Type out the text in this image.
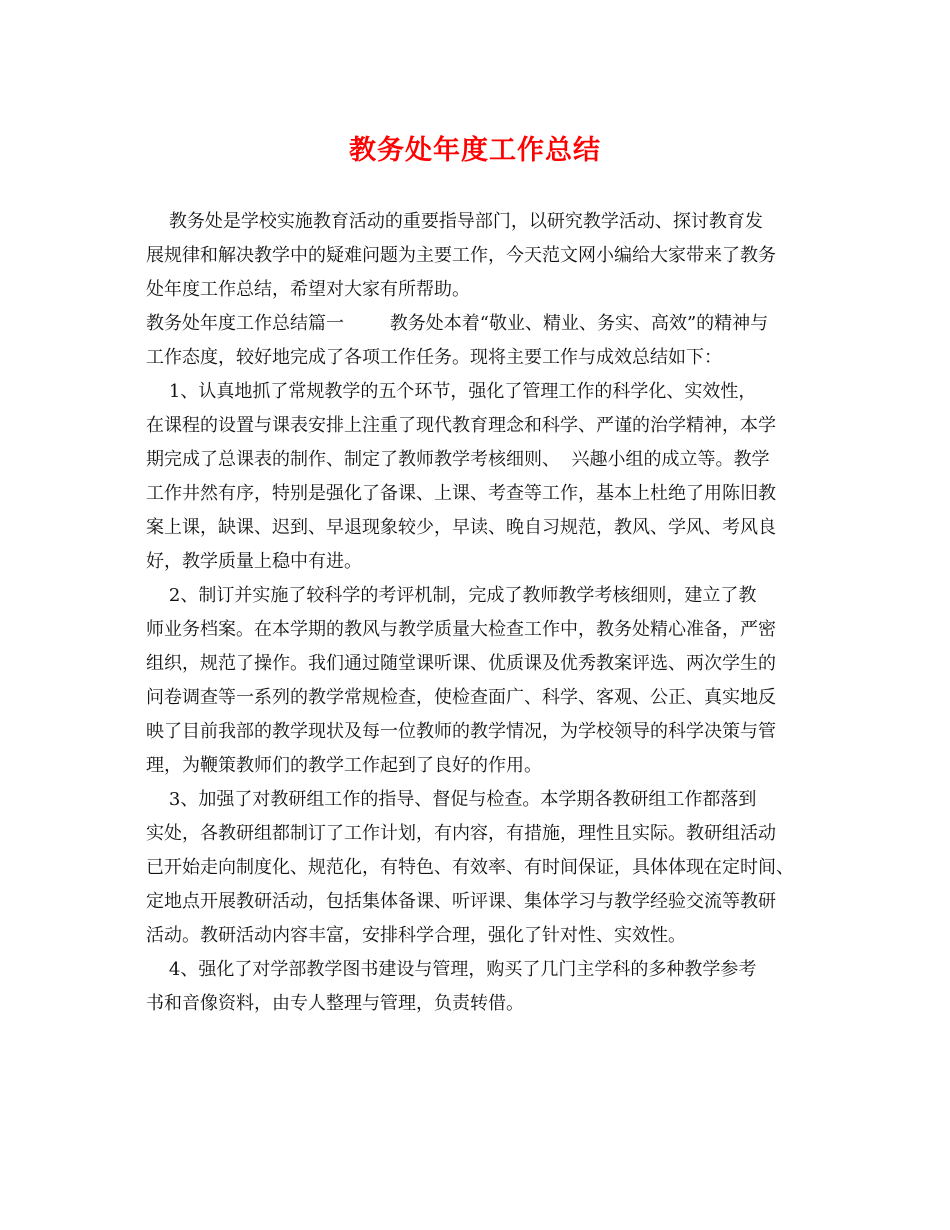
教务处年度工作总结
教务处是学校实施教育活动的重要指导部门，以研究教学活动、探讨教育发
展规律和解决教学中的疑难问题为主要工作，今天范文网小编给大家带来了教务
处年度工作总结，希望对大家有所帮助。
教务处年度工作总结篇一        教务处本着“敬业、精业、务实、高效”的精神与
工作态度，较好地完成了各项工作任务。现将主要工作与成效总结如下：
1、认真地抓了常规教学的五个环节，强化了管理工作的科学化、实效性，
在课程的设置与课表安排上注重了现代教育理念和科学、严谨的治学精神，本学
期完成了总课表的制作、制定了教师教学考核细则、  兴趣小组的成立等。教学
工作井然有序，特别是强化了备课、上课、考查等工作，基本上杜绝了用陈旧教
案上课，缺课、迟到、早退现象较少，早读、晚自习规范，教风、学风、考风良
好，教学质量上稳中有进。
2、制订并实施了较科学的考评机制，完成了教师教学考核细则，建立了教
师业务档案。在本学期的教风与教学质量大检查工作中，教务处精心准备，严密
组织，规范了操作。我们通过随堂课听课、优质课及优秀教案评选、两次学生的
问卷调查等一系列的教学常规检查，使检查面广、科学、客观、公正、真实地反
映了目前我部的教学现状及每一位教师的教学情况，为学校领导的科学决策与管
理，为鞭策教师们的教学工作起到了良好的作用。
3、加强了对教研组工作的指导、督促与检查。本学期各教研组工作都落到
实处，各教研组都制订了工作计划，有内容，有措施，理性且实际。教研组活动
已开始走向制度化、规范化，有特色、有效率、有时间保证，具体体现在定时间、
定地点开展教研活动，包括集体备课、听评课、集体学习与教学经验交流等教研
活动。教研活动内容丰富，安排科学合理，强化了针对性、实效性。
4、强化了对学部教学图书建设与管理，购买了几门主学科的多种教学参考
书和音像资料，由专人整理与管理，负责转借。
